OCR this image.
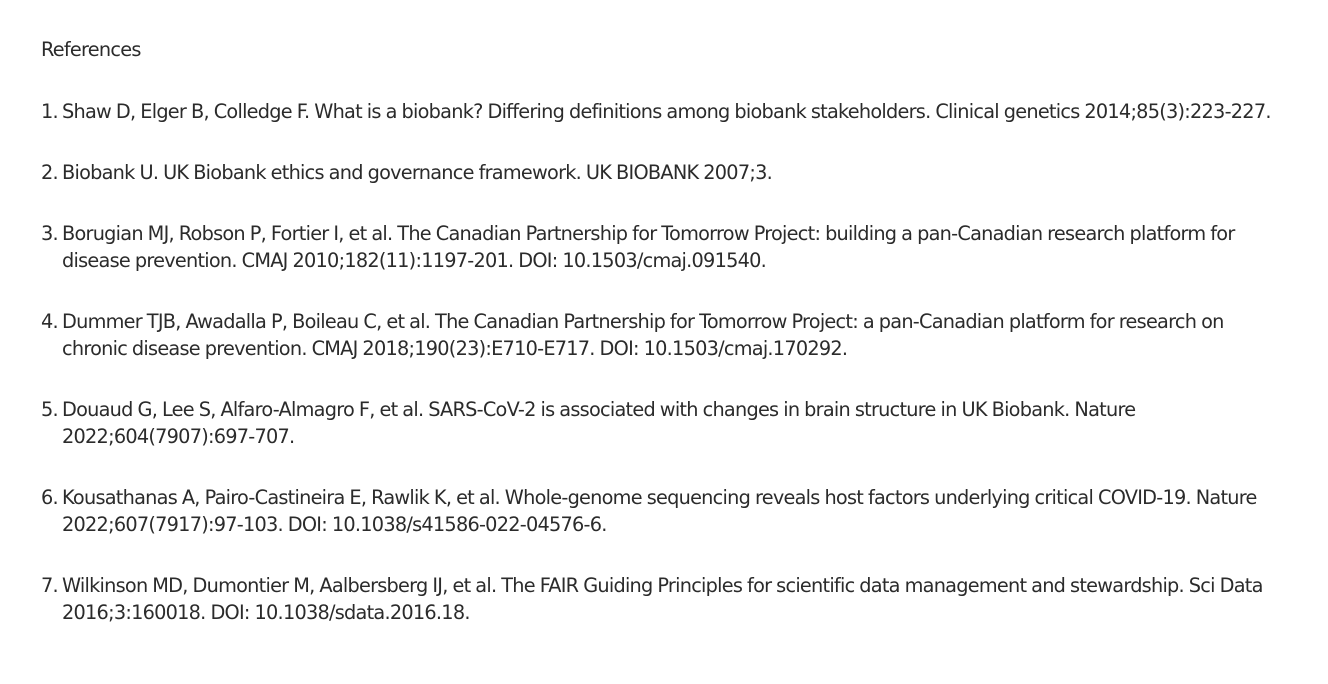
References
1. Shaw D, Elger B, Colledge F. What is a biobank? Differing definitions among biobank stakeholders. Clinical genetics 2014;85(3):223-227.
2. Biobank U. UK Biobank ethics and governance framework. UK BIOBANK 2007;3.
3. Borugian MJ, Robson P, Fortier I, et al. The Canadian Partnership for Tomorrow Project: building a pan-Canadian research platform for disease prevention. CMAJ 2010;182(11):1197-201. DOI: 10.1503/cmaj.091540.
4. Dummer TJB, Awadalla P, Boileau C, et al. The Canadian Partnership for Tomorrow Project: a pan-Canadian platform for research on chronic disease prevention. CMAJ 2018;190(23):E710-E717. DOI: 10.1503/cmaj.170292.
5. Douaud G, Lee S, Alfaro-Almagro F, et al. SARS-CoV-2 is associated with changes in brain structure in UK Biobank. Nature 2022;604(7907):697-707.
6. Kousathanas A, Pairo-Castineira E, Rawlik K, et al. Whole-genome sequencing reveals host factors underlying critical COVID-19. Nature 2022;607(7917):97-103. DOI: 10.1038/s41586-022-04576-6.
7. Wilkinson MD, Dumontier M, Aalbersberg IJ, et al. The FAIR Guiding Principles for scientific data management and stewardship. Sci Data 2016;3:160018. DOI: 10.1038/sdata.2016.18.
